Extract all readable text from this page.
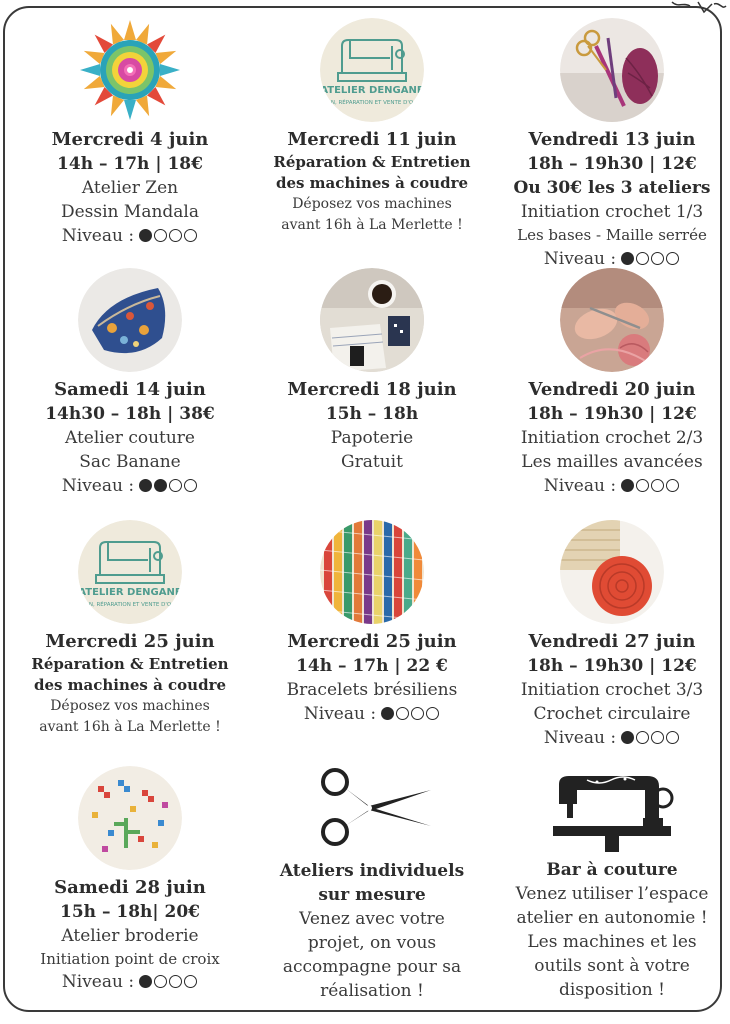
Mercredi 4 juin
14h – 17h | 18€
Atelier Zen
Dessin Mandala
Niveau :
ATELIER DENGANF
N, RÉPARATION ET VENTE D'O
Mercredi 11 juin
Réparation & Entretien
des machines à coudre
Déposez vos machines
avant 16h à La Merlette !
Vendredi 13 juin
18h – 19h30 | 12€
Ou 30€ les 3 ateliers
Initiation crochet 1/3
Les bases - Maille serrée
Niveau :
Samedi 14 juin
14h30 – 18h | 38€
Atelier couture
Sac Banane
Niveau :
Mercredi 18 juin
15h – 18h
Papoterie
Gratuit
Vendredi 20 juin
18h – 19h30 | 12€
Initiation crochet 2/3
Les mailles avancées
Niveau :
ATELIER DENGANF
N, RÉPARATION ET VENTE D'O
Mercredi 25 juin
Réparation & Entretien
des machines à coudre
Déposez vos machines
avant 16h à La Merlette !
Mercredi 25 juin
14h – 17h | 22 €
Bracelets brésiliens
Niveau :
Vendredi 27 juin
18h – 19h30 | 12€
Initiation crochet 3/3
Crochet circulaire
Niveau :
Samedi 28 juin
15h – 18h| 20€
Atelier broderie
Initiation point de croix
Niveau :
Ateliers individuels
sur mesure
Venez avec votre
projet, on vous
accompagne pour sa
réalisation !
Bar à couture
Venez utiliser l’espace
atelier en autonomie !
Les machines et les
outils sont à votre
disposition !
